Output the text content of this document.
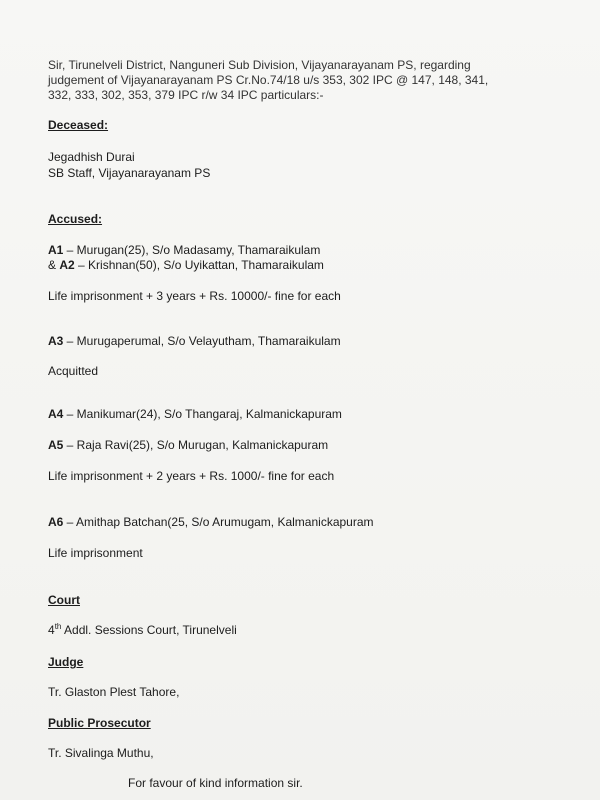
Sir, Tirunelveli District, Nanguneri Sub Division, Vijayanarayanam PS, regarding
judgement of Vijayanarayanam PS Cr.No.74/18 u/s 353, 302 IPC @ 147, 148, 341,
332, 333, 302, 353, 379 IPC r/w 34 IPC particulars:-
Deceased:
Jegadhish Durai
SB Staff, Vijayanarayanam PS
Accused:
A1 – Murugan(25), S/o Madasamy, Thamaraikulam
& A2 – Krishnan(50), S/o Uyikattan, Thamaraikulam
Life imprisonment + 3 years + Rs. 10000/- fine for each
A3 – Murugaperumal, S/o Velayutham, Thamaraikulam
Acquitted
A4 – Manikumar(24), S/o Thangaraj, Kalmanickapuram
A5 – Raja Ravi(25), S/o Murugan, Kalmanickapuram
Life imprisonment + 2 years + Rs. 1000/- fine for each
A6 – Amithap Batchan(25, S/o Arumugam, Kalmanickapuram
Life imprisonment
Court
4th Addl. Sessions Court, Tirunelveli
Judge
Tr. Glaston Plest Tahore,
Public Prosecutor
Tr. Sivalinga Muthu,
For favour of kind information sir.
